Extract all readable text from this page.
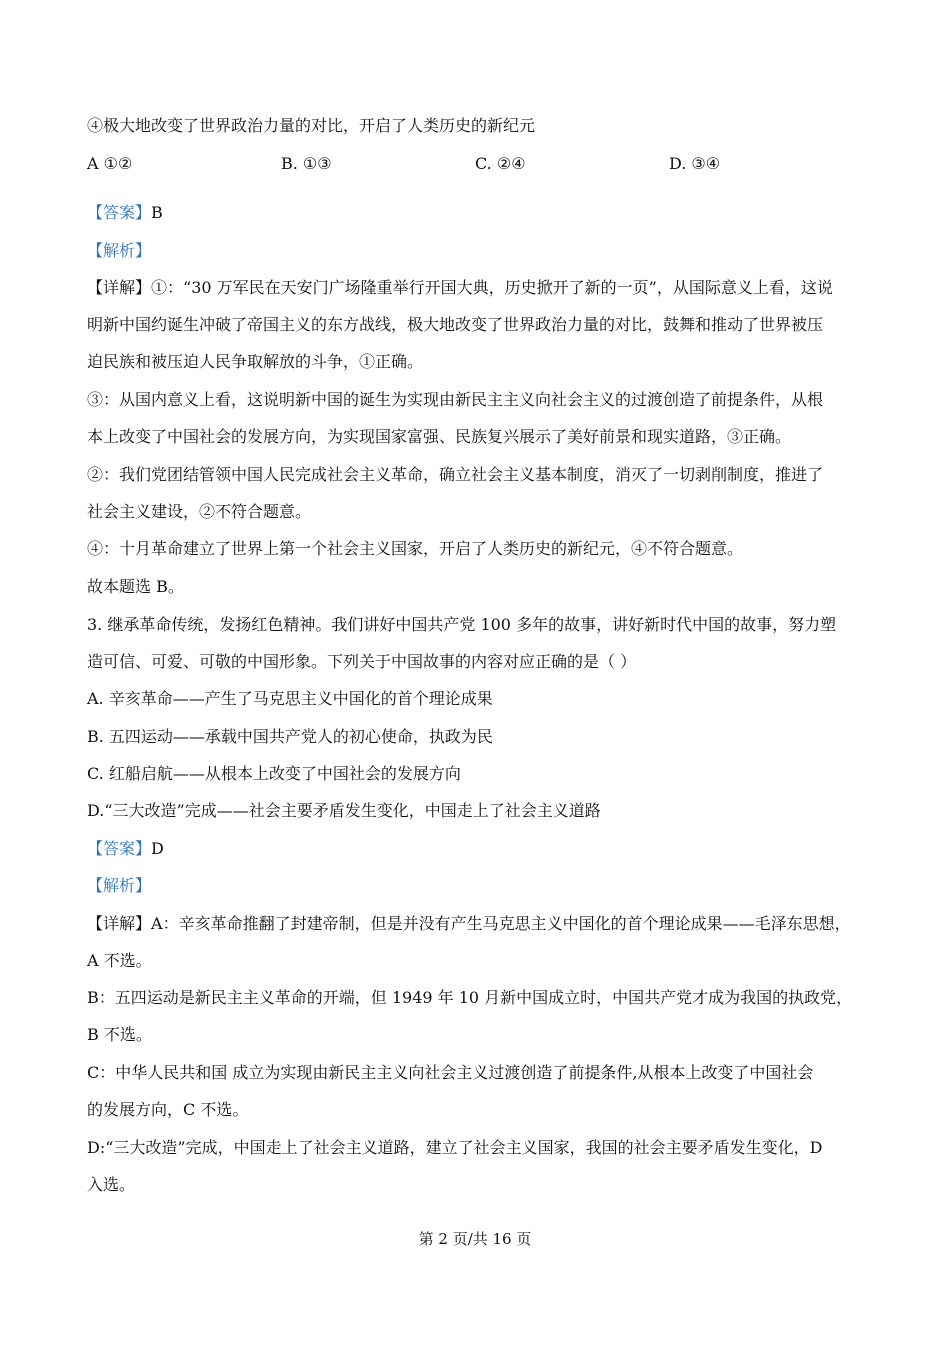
④极大地改变了世界政治力量的对比，开启了人类历史的新纪元
A ①②	B. ①③	C. ②④	D. ③④
【答案】B
【解析】
【详解】①：“30 万军民在天安门广场隆重举行开国大典，历史掀开了新的一页”，从国际意义上看，这说
明新中国约诞生冲破了帝国主义的东方战线，极大地改变了世界政治力量的对比，鼓舞和推动了世界被压
迫民族和被压迫人民争取解放的斗争，①正确。
③：从国内意义上看，这说明新中国的诞生为实现由新民主主义向社会主义的过渡创造了前提条件，从根
本上改变了中国社会的发展方向，为实现国家富强、民族复兴展示了美好前景和现实道路，③正确。
②：我们党团结管领中国人民完成社会主义革命，确立社会主义基本制度，消灭了一切剥削制度，推进了
社会主义建设，②不符合题意。
④：十月革命建立了世界上第一个社会主义国家，开启了人类历史的新纪元，④不符合题意。
故本题选 B。
3. 继承革命传统，发扬红色精神。我们讲好中国共产党 100 多年的故事，讲好新时代中国的故事，努力塑
造可信、可爱、可敬的中国形象。下列关于中国故事的内容对应正确的是（ ）
A. 辛亥革命——产生了马克思主义中国化的首个理论成果
B. 五四运动——承载中国共产党人的初心使命，执政为民
C. 红船启航——从根本上改变了中国社会的发展方向
D.“三大改造”完成——社会主要矛盾发生变化，中国走上了社会主义道路
【答案】D
【解析】
【详解】A：辛亥革命推翻了封建帝制，但是并没有产生马克思主义中国化的首个理论成果——毛泽东思想，
A 不选。
B：五四运动是新民主主义革命的开端，但 1949 年 10 月新中国成立时，中国共产党才成为我国的执政党，
B 不选。
C：中华人民共和国 成立为实现由新民主主义向社会主义过渡创造了前提条件,从根本上改变了中国社会
的发展方向，C 不选。
D:“三大改造”完成，中国走上了社会主义道路，建立了社会主义国家，我国的社会主要矛盾发生变化，D
入选。
第 2 页/共 16 页
